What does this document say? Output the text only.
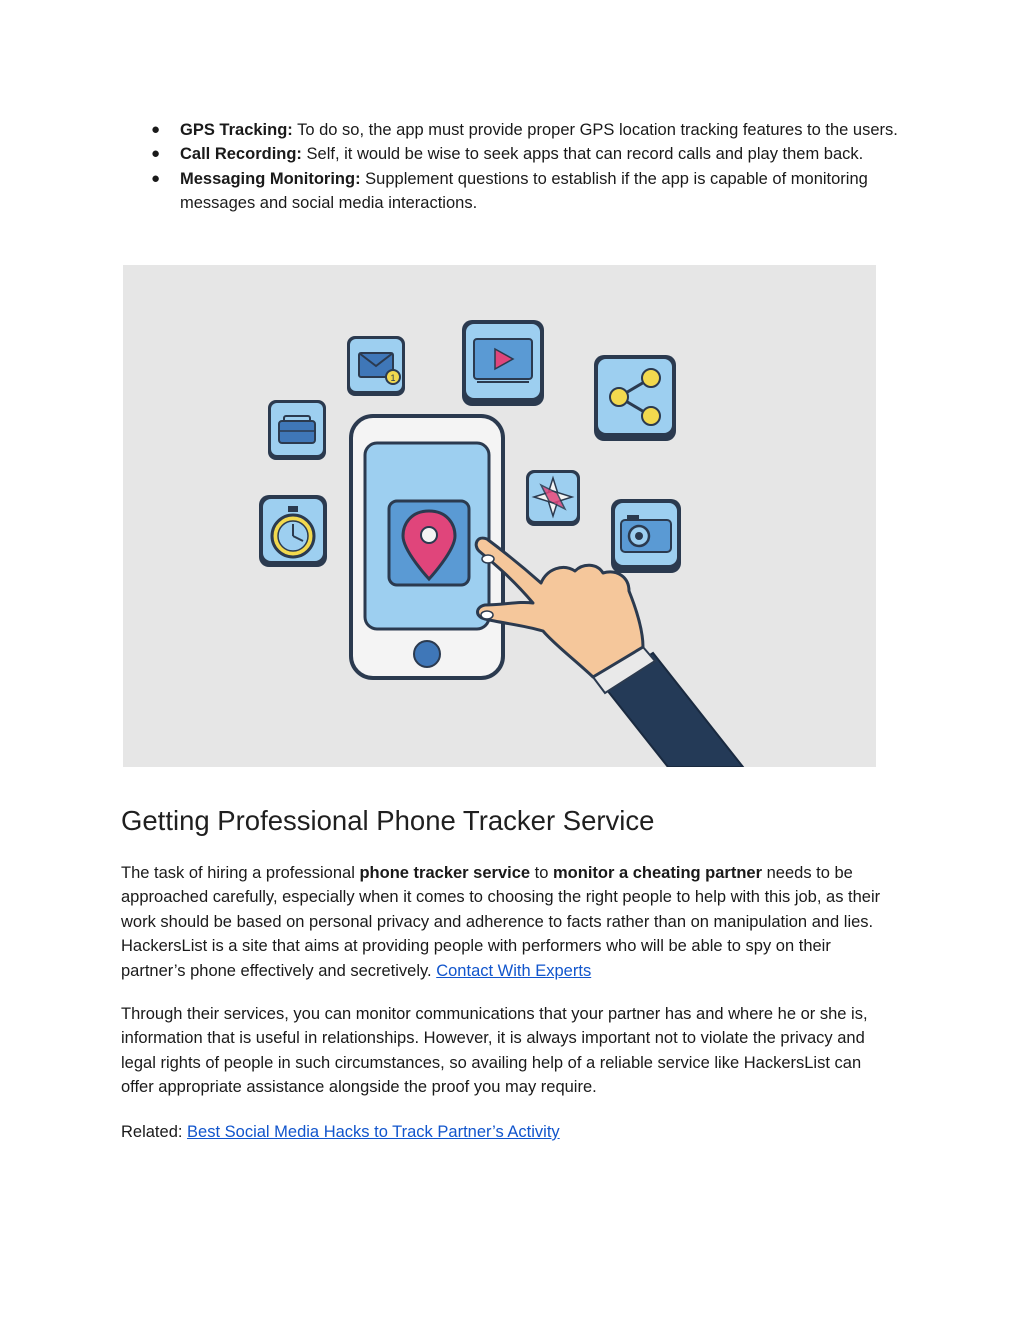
● GPS Tracking: To do so, the app must provide proper GPS location tracking features to the users.
● Call Recording: Self, it would be wise to seek apps that can record calls and play them back.
● Messaging Monitoring: Supplement questions to establish if the app is capable of monitoring messages and social media interactions.
1
Getting Professional Phone Tracker Service

The task of hiring a professional phone tracker service to monitor a cheating partner needs to be approached carefully, especially when it comes to choosing the right people to help with this job, as their work should be based on personal privacy and adherence to facts rather than on manipulation and lies. HackersList is a site that aims at providing people with performers who will be able to spy on their partner’s phone effectively and secretively. Contact With Experts

Through their services, you can monitor communications that your partner has and where he or she is, information that is useful in relationships. However, it is always important not to violate the privacy and legal rights of people in such circumstances, so availing help of a reliable service like HackersList can offer appropriate assistance alongside the proof you may require.

Related: Best Social Media Hacks to Track Partner’s Activity
